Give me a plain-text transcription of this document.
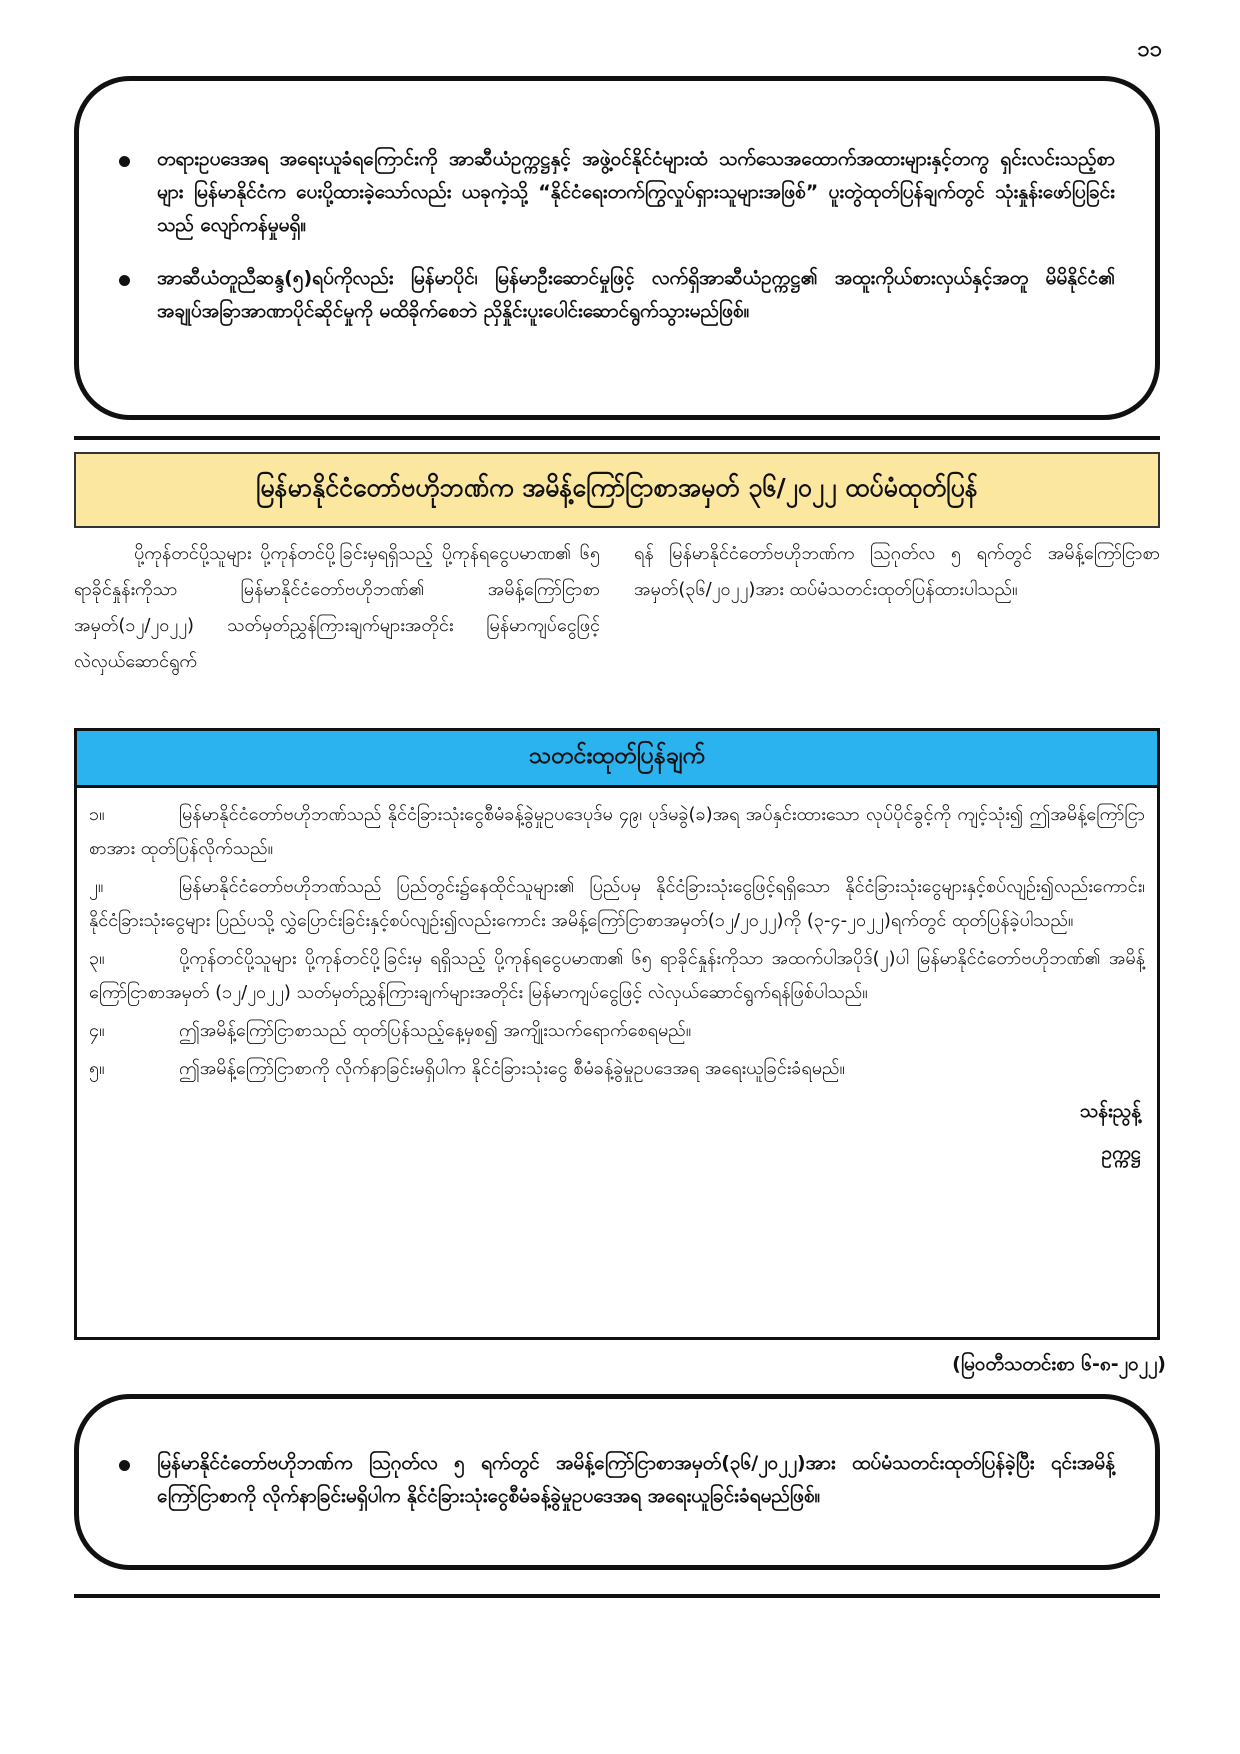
၁၁
တရားဥပဒေအရ အရေးယူခံရကြောင်းကို အာဆီယံဥက္ကဋ္ဌနှင့် အဖွဲ့ဝင်နိုင်ငံများထံ သက်သေအထောက်အထားများနှင့်တကွ ရှင်းလင်းသည့်စာများ မြန်မာနိုင်ငံက ပေးပို့ထားခဲ့သော်လည်း ယခုကဲ့သို့ “နိုင်ငံရေးတက်ကြွလှုပ်ရှားသူများအဖြစ်” ပူးတွဲထုတ်ပြန်ချက်တွင် သုံးနှုန်းဖော်ပြခြင်းသည် လျော်ကန်မှုမရှိ။
အာဆီယံတူညီဆန္ဒ(၅)ရပ်ကိုလည်း မြန်မာပိုင်၊ မြန်မာဦးဆောင်မှုဖြင့် လက်ရှိအာဆီယံဥက္ကဋ္ဌ၏ အထူးကိုယ်စားလှယ်နှင့်အတူ မိမိနိုင်ငံ၏ အချုပ်အခြာအာဏာပိုင်ဆိုင်မှုကို မထိခိုက်စေဘဲ ညှိနှိုင်းပူးပေါင်းဆောင်ရွက်သွားမည်ဖြစ်။
မြန်မာနိုင်ငံတော်ဗဟိုဘဏ်က အမိန့်ကြော်ငြာစာအမှတ် ၃၆/၂၀၂၂ ထပ်မံထုတ်ပြန်
ပို့ကုန်တင်ပို့သူများ ပို့ကုန်တင်ပို့ခြင်းမှရရှိသည့် ပို့ကုန်ရငွေပမာဏ၏ ၆၅ ရာခိုင်နှုန်းကိုသာ မြန်မာနိုင်ငံတော်ဗဟိုဘဏ်၏ အမိန့်ကြော်ငြာစာအမှတ်(၁၂/၂၀၂၂) သတ်မှတ်ညွှန်ကြားချက်များအတိုင်း မြန်မာကျပ်ငွေဖြင့် လဲလှယ်ဆောင်ရွက်
ရန် မြန်မာနိုင်ငံတော်ဗဟိုဘဏ်က ဩဂုတ်လ ၅ ရက်တွင် အမိန့်ကြော်ငြာစာအမှတ်(၃၆/၂၀၂၂)အား ထပ်မံသတင်းထုတ်ပြန်ထားပါသည်။
သတင်းထုတ်ပြန်ချက်
၁။	မြန်မာနိုင်ငံတော်ဗဟိုဘဏ်သည် နိုင်ငံခြားသုံးငွေစီမံခန့်ခွဲမှုဥပဒေပုဒ်မ ၄၉၊ ပုဒ်မခွဲ(ခ)အရ အပ်နှင်းထားသော လုပ်ပိုင်ခွင့်ကို ကျင့်သုံး၍ ဤအမိန့်ကြော်ငြာစာအား ထုတ်ပြန်လိုက်သည်။
၂။	မြန်မာနိုင်ငံတော်ဗဟိုဘဏ်သည် ပြည်တွင်း၌နေထိုင်သူများ၏ ပြည်ပမှ နိုင်ငံခြားသုံးငွေဖြင့်ရရှိသော နိုင်ငံခြားသုံးငွေများနှင့်စပ်လျဉ်း၍လည်းကောင်း၊ နိုင်ငံခြားသုံးငွေများ ပြည်ပသို့ လွှဲပြောင်းခြင်းနှင့်စပ်လျဉ်း၍လည်းကောင်း အမိန့်ကြော်ငြာစာအမှတ်(၁၂/၂၀၂၂)ကို (၃-၄-၂၀၂၂)ရက်တွင် ထုတ်ပြန်ခဲ့ပါသည်။
၃။	ပို့ကုန်တင်ပို့သူများ ပို့ကုန်တင်ပို့ခြင်းမှ ရရှိသည့် ပို့ကုန်ရငွေပမာဏ၏ ၆၅ ရာခိုင်နှုန်းကိုသာ အထက်ပါအပိုဒ်(၂)ပါ မြန်မာနိုင်ငံတော်ဗဟိုဘဏ်၏ အမိန့်ကြော်ငြာစာအမှတ် (၁၂/၂၀၂၂) သတ်မှတ်ညွှန်ကြားချက်များအတိုင်း မြန်မာကျပ်ငွေဖြင့် လဲလှယ်ဆောင်ရွက်ရန်ဖြစ်ပါသည်။
၄။	ဤအမိန့်ကြော်ငြာစာသည် ထုတ်ပြန်သည့်နေ့မှစ၍ အကျိုးသက်ရောက်စေရမည်။
၅။	ဤအမိန့်ကြော်ငြာစာကို လိုက်နာခြင်းမရှိပါက နိုင်ငံခြားသုံးငွေ စီမံခန့်ခွဲမှုဥပဒေအရ အရေးယူခြင်းခံရမည်။
သန်းညွန့်
ဥက္ကဋ္ဌ
(မြဝတီသတင်းစာ ၆-၈-၂၀၂၂)
မြန်မာနိုင်ငံတော်ဗဟိုဘဏ်က ဩဂုတ်လ ၅ ရက်တွင် အမိန့်ကြော်ငြာစာအမှတ်(၃၆/၂၀၂၂)အား ထပ်မံသတင်းထုတ်ပြန်ခဲ့ပြီး ၎င်းအမိန့်ကြော်ငြာစာကို လိုက်နာခြင်းမရှိပါက နိုင်ငံခြားသုံးငွေစီမံခန့်ခွဲမှုဥပဒေအရ အရေးယူခြင်းခံရမည်ဖြစ်။
